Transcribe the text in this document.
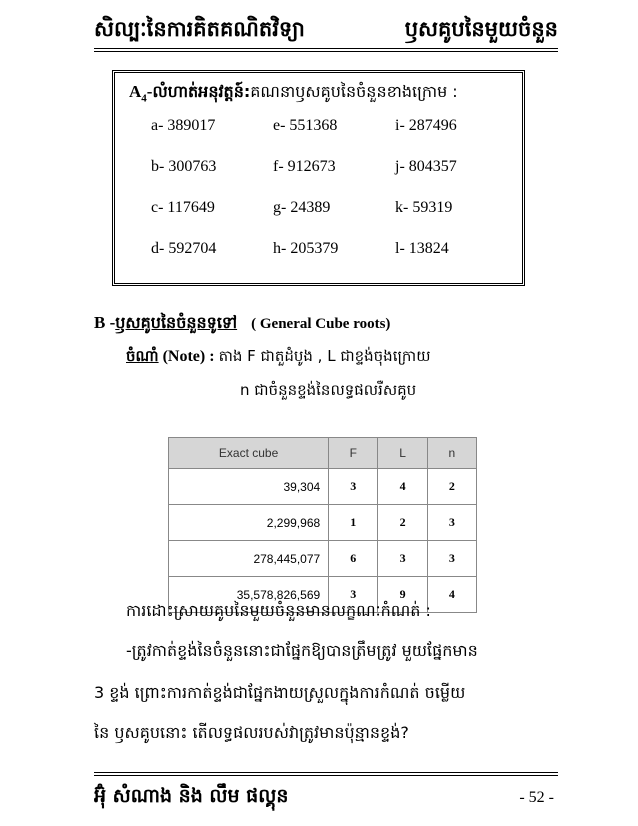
សិល្បៈនៃការគិតគណិតវិទ្យា	ឫសគូបនៃមួយចំនួន
$A_4-$លំហាត់អនុវត្តន៍:គណនាឫសគូបនៃចំនួនខាងក្រោម :
a- 389017	e- 551368	i- 287496
b- 300763	f- 912673	j- 804357
c- 117649	g- 24389	k- 59319
d- 592704	h- 205379	l- 13824
B -ឫសគូបនៃចំនួនទូទៅ ( General Cube roots)
ចំណាំ (Note) : តាង F ជាតួដំបូង , L ជាខ្ទង់ចុងក្រោយ
n ជាចំនួនខ្ទង់នៃលទ្ធផលរឺសគូប
Exact cube	F	L	n
39,304	3	4	2
2,299,968	1	2	3
278,445,077	6	3	3
35,578,826,569	3	9	4
ការដោះស្រាយគូបនៃមួយចំនួនមានលក្ខណៈកំណត់ :
-ត្រូវកាត់ខ្ទង់នៃចំនួននោះជាផ្នែកឱ្យបានត្រឹមត្រូវ មួយផ្នែកមាន
3 ខ្ទង់ ព្រោះការកាត់ខ្ទង់ជាផ្នែកងាយស្រួលក្នុងការកំណត់ ចម្លើយ
នៃ ឫសគូបនោះ តើលទ្ធផលរបស់វាត្រូវមានប៉ុន្មានខ្ទង់?
អ៊ុំ សំណាង និង លឹម ផល្គុន	- 52 -
